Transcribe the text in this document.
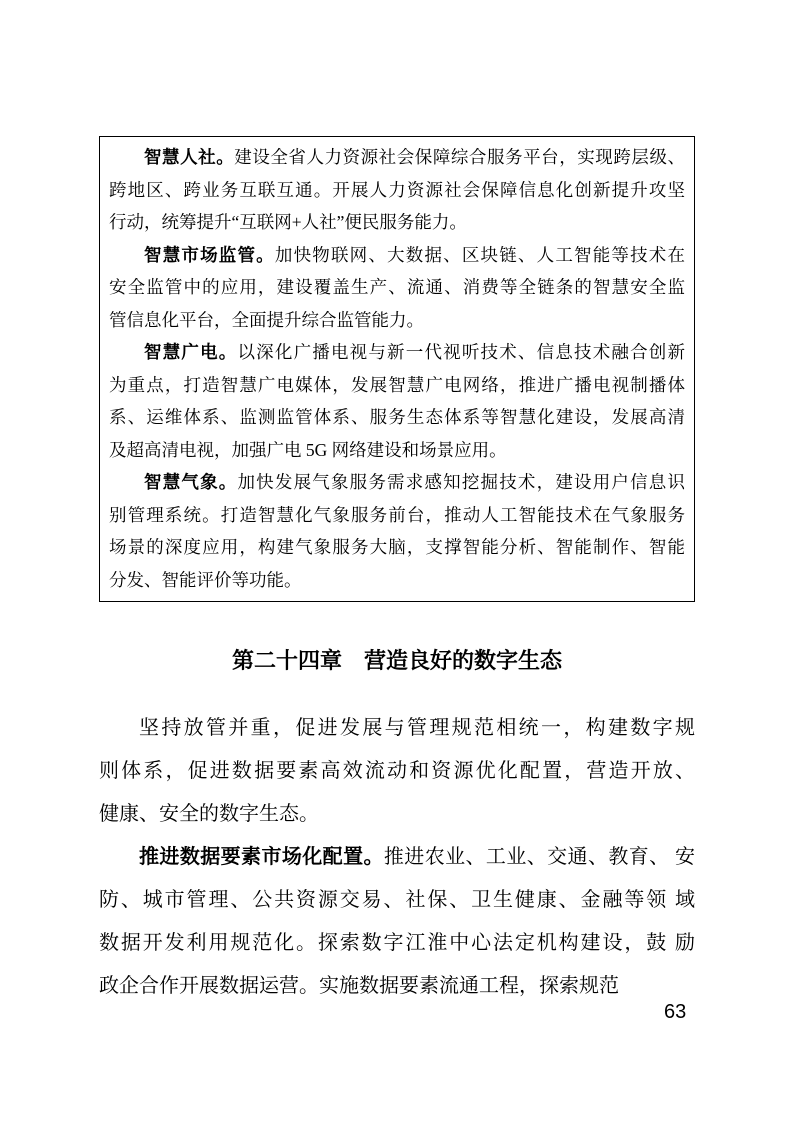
智慧人社。建设全省人力资源社会保障综合服务平台，实现跨层级、
跨地区、跨业务互联互通。开展人力资源社会保障信息化创新提升攻坚
行动，统筹提升“互联网+人社”便民服务能力。
智慧市场监管。加快物联网、大数据、区块链、人工智能等技术在
安全监管中的应用，建设覆盖生产、流通、消费等全链条的智慧安全监
管信息化平台，全面提升综合监管能力。
智慧广电。以深化广播电视与新一代视听技术、信息技术融合创新
为重点，打造智慧广电媒体，发展智慧广电网络，推进广播电视制播体
系、运维体系、监测监管体系、服务生态体系等智慧化建设，发展高清
及超高清电视，加强广电 5G 网络建设和场景应用。
智慧气象。加快发展气象服务需求感知挖掘技术，建设用户信息识
别管理系统。打造智慧化气象服务前台，推动人工智能技术在气象服务
场景的深度应用，构建气象服务大脑，支撑智能分析、智能制作、智能
分发、智能评价等功能。
第二十四章　营造良好的数字生态
坚持放管并重，促进发展与管理规范相统一，构建数字规
则体系，促进数据要素高效流动和资源优化配置，营造开放、
健康、安全的数字生态。
推进数据要素市场化配置。推进农业、工业、交通、教育、 安
防、城市管理、公共资源交易、社保、卫生健康、金融等领 域
数据开发利用规范化。探索数字江淮中心法定机构建设，鼓 励
政企合作开展数据运营。实施数据要素流通工程，探索规范
63
